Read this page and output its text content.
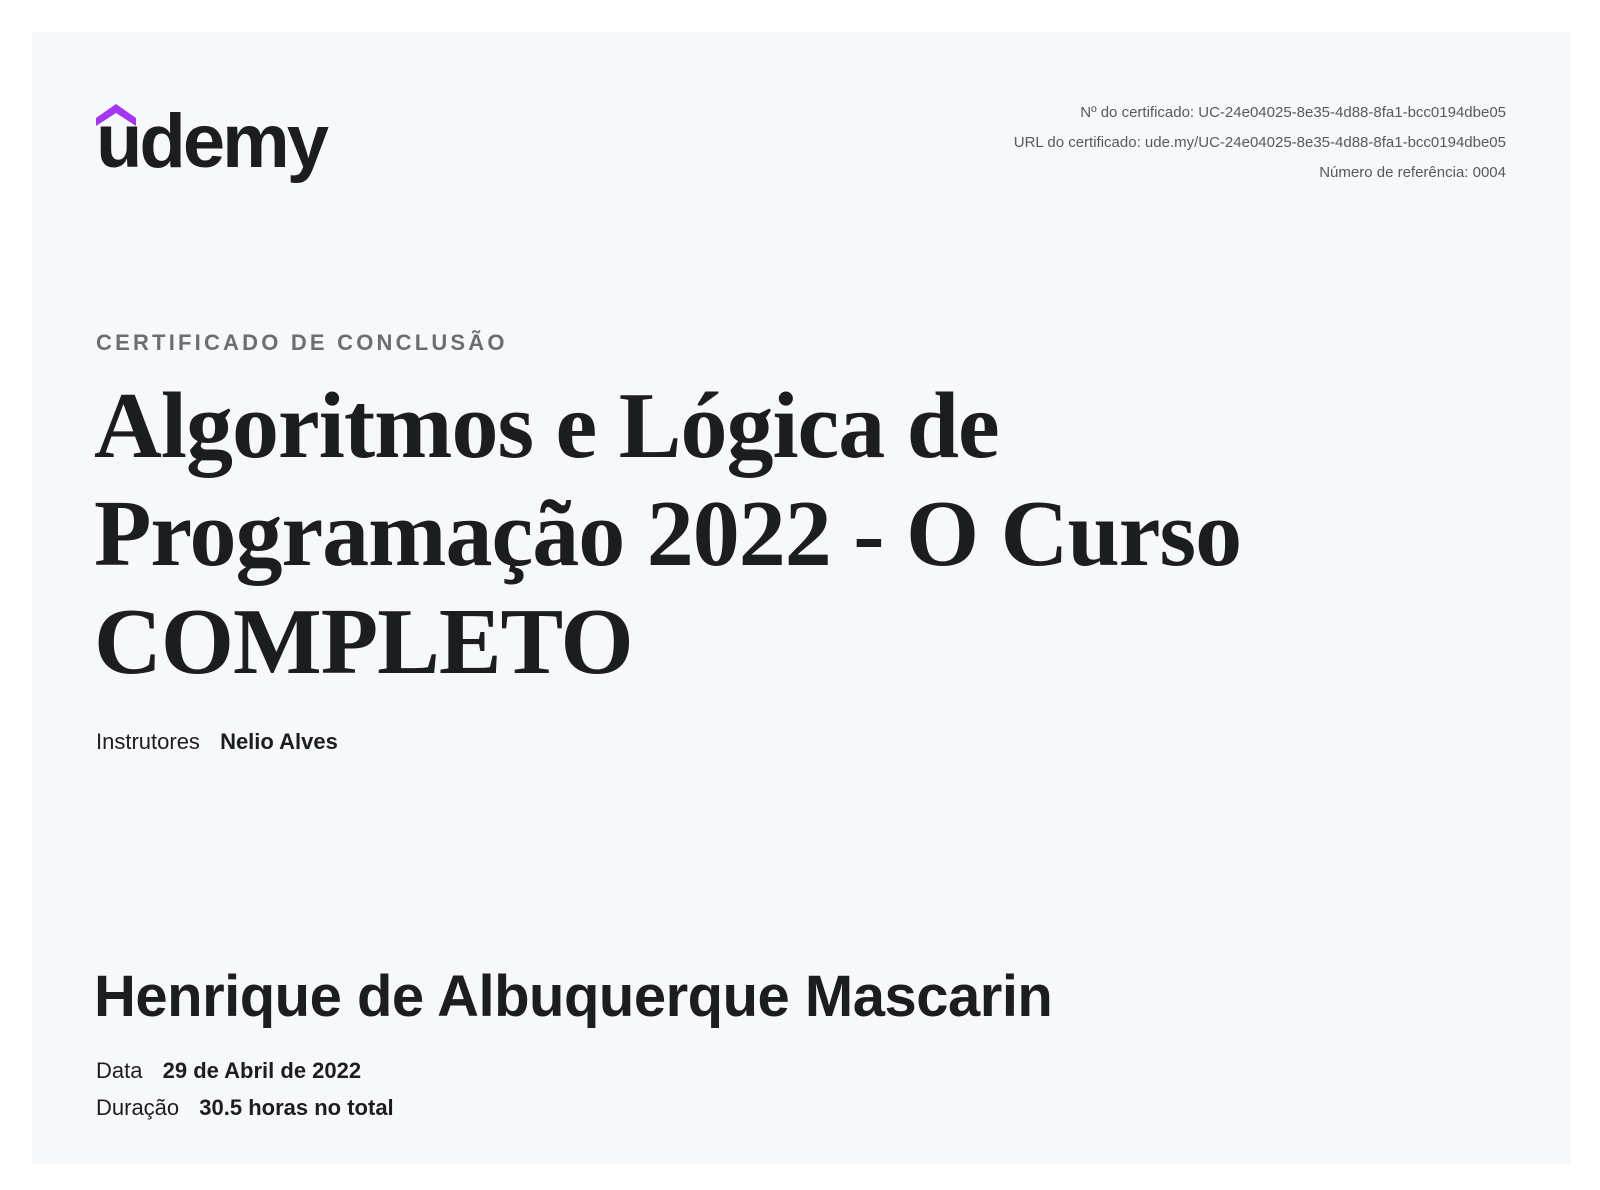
udemy	Nº do certificado: UC-24e04025-8e35-4d88-8fa1-bcc0194dbe05
URL do certificado: ude.my/UC-24e04025-8e35-4d88-8fa1-bcc0194dbe05
Número de referência: 0004
CERTIFICADO DE CONCLUSÃO
Algoritmos e Lógica de Programação 2022 - O Curso COMPLETO
Instrutores Nelio Alves
Henrique de Albuquerque Mascarin
Data 29 de Abril de 2022
Duração 30.5 horas no total
